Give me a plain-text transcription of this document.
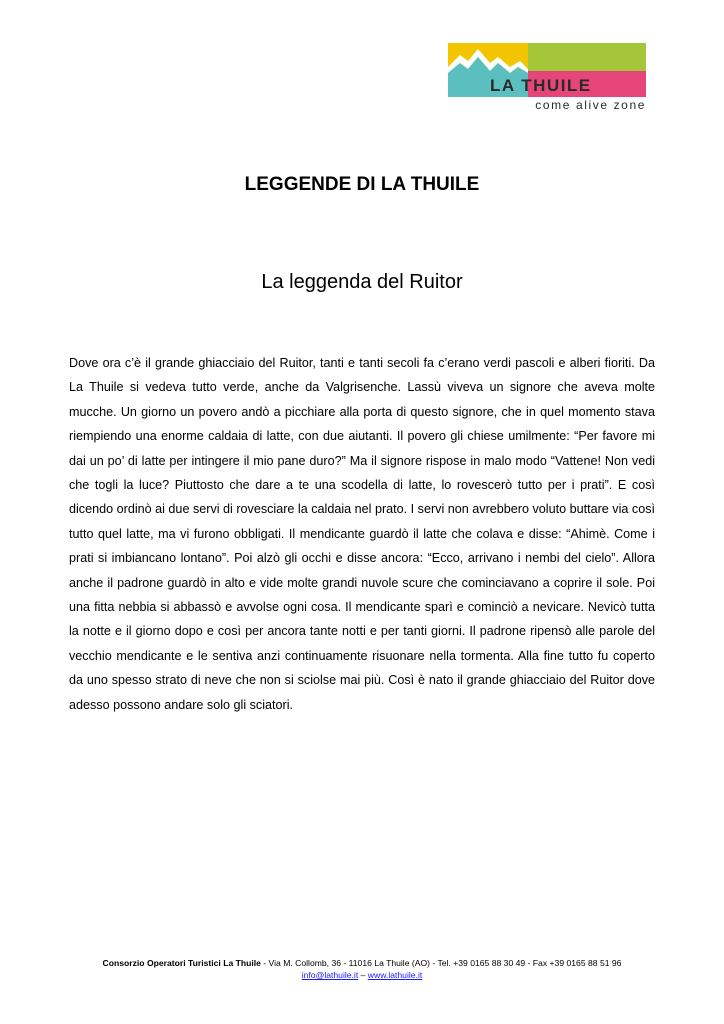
LA THUILE
come alive zone
LEGGENDE DI LA THUILE
La leggenda del Ruitor

Dove ora c’è il grande ghiacciaio del Ruitor, tanti e tanti secoli fa c’erano verdi pascoli e alberi fioriti. Da La Thuile si vedeva tutto verde, anche da Valgrisenche. Lassù viveva un signore che aveva molte mucche. Un giorno un povero andò a picchiare alla porta di questo signore, che in quel momento stava riempiendo una enorme caldaia di latte, con due aiutanti. Il povero gli chiese umilmente: “Per favore mi dai un po’ di latte per intingere il mio pane duro?” Ma il signore rispose in malo modo “Vattene! Non vedi che togli la luce? Piuttosto che dare a te una scodella di latte, lo rovescerò tutto per i prati”. E così dicendo ordinò ai due servi di rovesciare la caldaia nel prato. I servi non avrebbero voluto buttare via così tutto quel latte, ma vi furono obbligati. Il mendicante guardò il latte che colava e disse: “Ahimè. Come i prati si imbiancano lontano”. Poi alzò gli occhi e disse ancora: “Ecco, arrivano i nembi del cielo”. Allora anche il padrone guardò in alto e vide molte grandi nuvole scure che cominciavano a coprire il sole. Poi una fitta nebbia si abbassò e avvolse ogni cosa. Il mendicante sparì e cominciò a nevicare. Nevicò tutta la notte e il giorno dopo e così per ancora tante notti e per tanti giorni. Il padrone ripensò alle parole del vecchio mendicante e le sentiva anzi continuamente risuonare nella tormenta. Alla fine tutto fu coperto da uno spesso strato di neve che non si sciolse mai più. Così è nato il grande ghiacciaio del Ruitor dove adesso possono andare solo gli sciatori.

Consorzio Operatori Turistici La Thuile - Via M. Collomb, 36 - 11016 La Thuile (AO) - Tel. +39 0165 88 30 49 - Fax +39 0165 88 51 96
info@lathuile.it – www.lathuile.it
